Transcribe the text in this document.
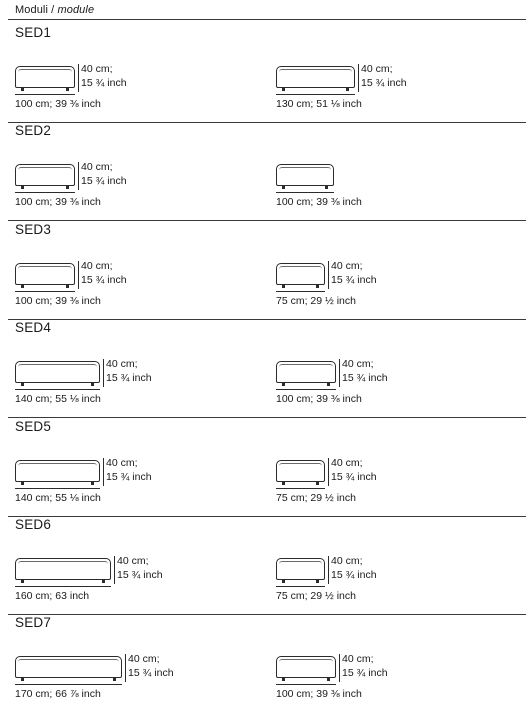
Moduli / module
SED1
40 cm;
15 ¾ inch
100 cm; 39 ⅜ inch
40 cm;
15 ¾ inch
130 cm; 51 ⅛ inch
SED2
40 cm;
15 ¾ inch
100 cm; 39 ⅜ inch	100 cm; 39 ⅜ inch
SED3
40 cm;
15 ¾ inch
100 cm; 39 ⅜ inch
40 cm;
15 ¾ inch
75 cm; 29 ½ inch
SED4
40 cm;
15 ¾ inch
140 cm; 55 ⅛ inch
40 cm;
15 ¾ inch
100 cm; 39 ⅜ inch
SED5
40 cm;
15 ¾ inch
140 cm; 55 ⅛ inch
40 cm;
15 ¾ inch
75 cm; 29 ½ inch
SED6
40 cm;
15 ¾ inch
160 cm; 63 inch
40 cm;
15 ¾ inch
75 cm; 29 ½ inch
SED7
40 cm;
15 ¾ inch
170 cm; 66 ⅞ inch
40 cm;
15 ¾ inch
100 cm; 39 ⅜ inch
